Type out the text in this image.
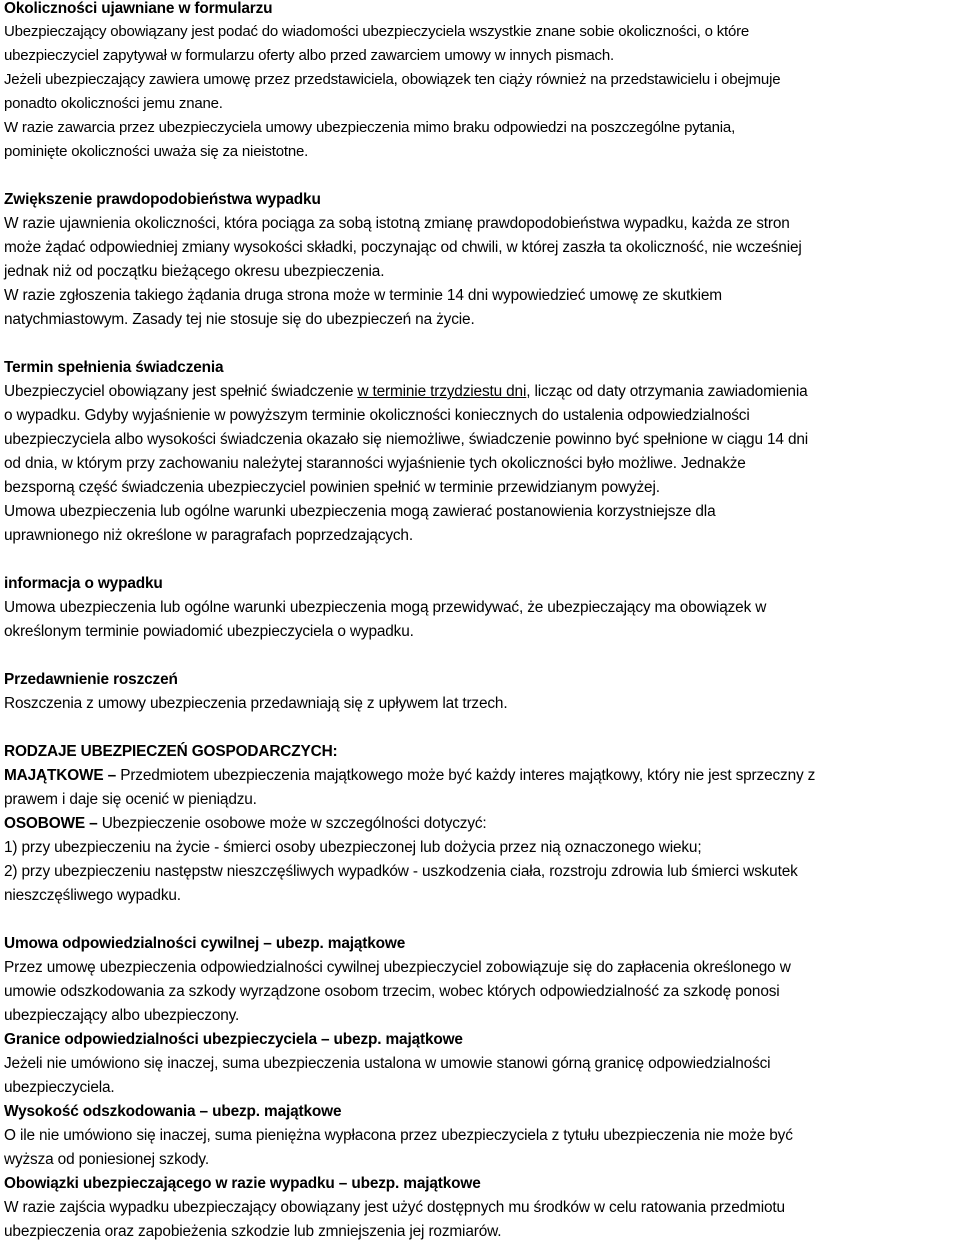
Okoliczności ujawniane w formularzu
Ubezpieczający obowiązany jest podać do wiadomości ubezpieczyciela wszystkie znane sobie okoliczności, o które
ubezpieczyciel zapytywał w formularzu oferty albo przed zawarciem umowy w innych pismach.
Jeżeli ubezpieczający zawiera umowę przez przedstawiciela, obowiązek ten ciąży również na przedstawicielu i obejmuje
ponadto okoliczności jemu znane.
W razie zawarcia przez ubezpieczyciela umowy ubezpieczenia mimo braku odpowiedzi na poszczególne pytania,
pominięte okoliczności uważa się za nieistotne.
Zwiększenie prawdopodobieństwa wypadku
W razie ujawnienia okoliczności, która pociąga za sobą istotną zmianę prawdopodobieństwa wypadku, każda ze stron
może żądać odpowiedniej zmiany wysokości składki, poczynając od chwili, w której zaszła ta okoliczność, nie wcześniej
jednak niż od początku bieżącego okresu ubezpieczenia.
W razie zgłoszenia takiego żądania druga strona może w terminie 14 dni wypowiedzieć umowę ze skutkiem
natychmiastowym. Zasady tej nie stosuje się do ubezpieczeń na życie.
Termin spełnienia świadczenia
Ubezpieczyciel obowiązany jest spełnić świadczenie w terminie trzydziestu dni, licząc od daty otrzymania zawiadomienia
o wypadku. Gdyby wyjaśnienie w powyższym terminie okoliczności koniecznych do ustalenia odpowiedzialności
ubezpieczyciela albo wysokości świadczenia okazało się niemożliwe, świadczenie powinno być spełnione w ciągu 14 dni
od dnia, w którym przy zachowaniu należytej staranności wyjaśnienie tych okoliczności było możliwe. Jednakże
bezsporną część świadczenia ubezpieczyciel powinien spełnić w terminie przewidzianym powyżej.
Umowa ubezpieczenia lub ogólne warunki ubezpieczenia mogą zawierać postanowienia korzystniejsze dla
uprawnionego niż określone w paragrafach poprzedzających.
informacja o wypadku
Umowa ubezpieczenia lub ogólne warunki ubezpieczenia mogą przewidywać, że ubezpieczający ma obowiązek w
określonym terminie powiadomić ubezpieczyciela o wypadku.
Przedawnienie roszczeń
Roszczenia z umowy ubezpieczenia przedawniają się z upływem lat trzech.
RODZAJE UBEZPIECZEŃ GOSPODARCZYCH:
MAJĄTKOWE – Przedmiotem ubezpieczenia majątkowego może być każdy interes majątkowy, który nie jest sprzeczny z
prawem i daje się ocenić w pieniądzu.
OSOBOWE – Ubezpieczenie osobowe może w szczególności dotyczyć:
1) przy ubezpieczeniu na życie - śmierci osoby ubezpieczonej lub dożycia przez nią oznaczonego wieku;
2) przy ubezpieczeniu następstw nieszczęśliwych wypadków - uszkodzenia ciała, rozstroju zdrowia lub śmierci wskutek
nieszczęśliwego wypadku.
Umowa odpowiedzialności cywilnej – ubezp. majątkowe
Przez umowę ubezpieczenia odpowiedzialności cywilnej ubezpieczyciel zobowiązuje się do zapłacenia określonego w
umowie odszkodowania za szkody wyrządzone osobom trzecim, wobec których odpowiedzialność za szkodę ponosi
ubezpieczający albo ubezpieczony.
Granice odpowiedzialności ubezpieczyciela – ubezp. majątkowe
Jeżeli nie umówiono się inaczej, suma ubezpieczenia ustalona w umowie stanowi górną granicę odpowiedzialności
ubezpieczyciela.
Wysokość odszkodowania – ubezp. majątkowe
O ile nie umówiono się inaczej, suma pieniężna wypłacona przez ubezpieczyciela z tytułu ubezpieczenia nie może być
wyższa od poniesionej szkody.
Obowiązki ubezpieczającego w razie wypadku – ubezp. majątkowe
W razie zajścia wypadku ubezpieczający obowiązany jest użyć dostępnych mu środków w celu ratowania przedmiotu
ubezpieczenia oraz zapobieżenia szkodzie lub zmniejszenia jej rozmiarów.
